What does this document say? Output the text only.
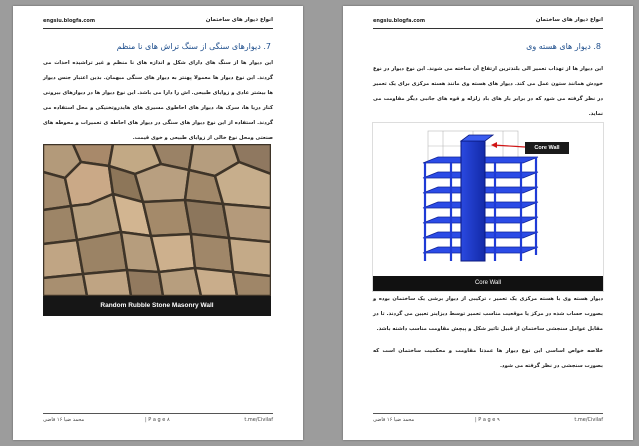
engsiu.blogfa.com	انواع دیوار های ساختمان
7. دیوارهای سنگی از سنگ تراش های نا منظم
این دیوار ها از سنگ های دارای شکل و اندازه های نا منظم و غیر تراشیده احداث می گردند. این نوع دیوار ها معمولا پهنتر به دیوار های سنگی مبهمان. بدین اعتبار جنس دیوار ها بیشتر عادی و زوایای طبیعی. اش را دارا می باشد. این نوع دیوار ها در دیوارهای بیرونی کنار دریا ها، سرک ها، دیوار های احاطوی مسیری های هایدروتخنیکی و محل استفاده می گردند. استفاده از این نوع دیوار های سنگی در دیوار های احاطه ی تعمیرات و محوطه های صنعتی ومحل نوع خالی از زوایای طبیعی و خوی قیمت.
Random Rubble Stone Masonry Wall
محمد ضیا ۱۶ قاضی	| P a g e ۸	t.me/Civilaf
engsiu.blogfa.com	انواع دیوار های ساختمان
8. دیوار های هسته وی
این دیوار ها از تهداب تعمیر الی بلندترین ارتفاع آن ساخته می شوند. این نوع دیوار در نوع خودش همانند ستون عمل می کند. دیوار های هسته وی مانند هسته مرکزی برای یک تعمیر در نظر گرفته می شود که در برابر بار های باد زلزله و قوه های جانبی دیگر مقاومت می نماید.
Core Wall
Core Wall
دیوار هسته وی با هسته مرکزی یک تعمیر ، ترکیبی از دیوار برشی یک ساختمان بوده و بصورت حساب شده در مرکز یا موقعیت مناسب تعمیر توسط دیزاینر تعیین می گردند. تا در مقابل عوامل سنجشی ساختمان از قبیل تاثیر شکل و پیچش مقاومت مناسب داشته باشد.
خلاصه خواص اساسی این نوع دیوار ها عمدتا مقاومت و محکمیت ساختمان است که بصورت سنجشی در نظر گرفته می شود.
محمد ضیا ۱۶ قاضی	| P a g e ۹	t.me/Civilaf
